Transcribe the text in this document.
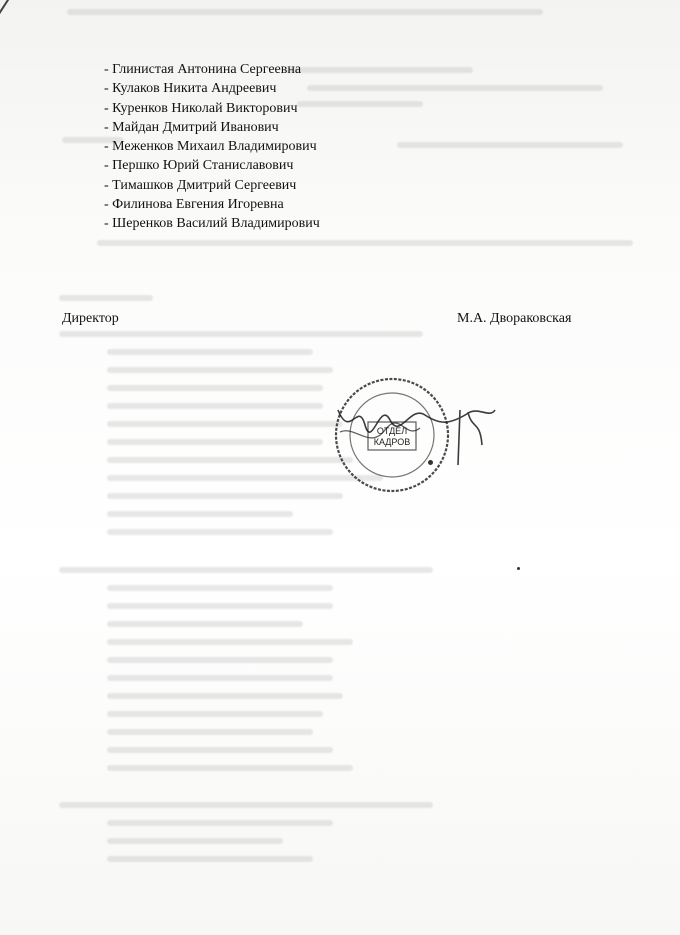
- Глинистая Антонина Сергеевна
- Кулаков Никита Андреевич
- Куренков Николай Викторович
- Майдан Дмитрий Иванович
- Меженков Михаил Владимирович
- Першко Юрий Станиславович
- Тимашков Дмитрий Сергеевич
- Филинова Евгения Игоревна
- Шеренков Василий Владимирович
Директор	М.А. Двораковская
ОТДЕЛ
КАДРОВ
